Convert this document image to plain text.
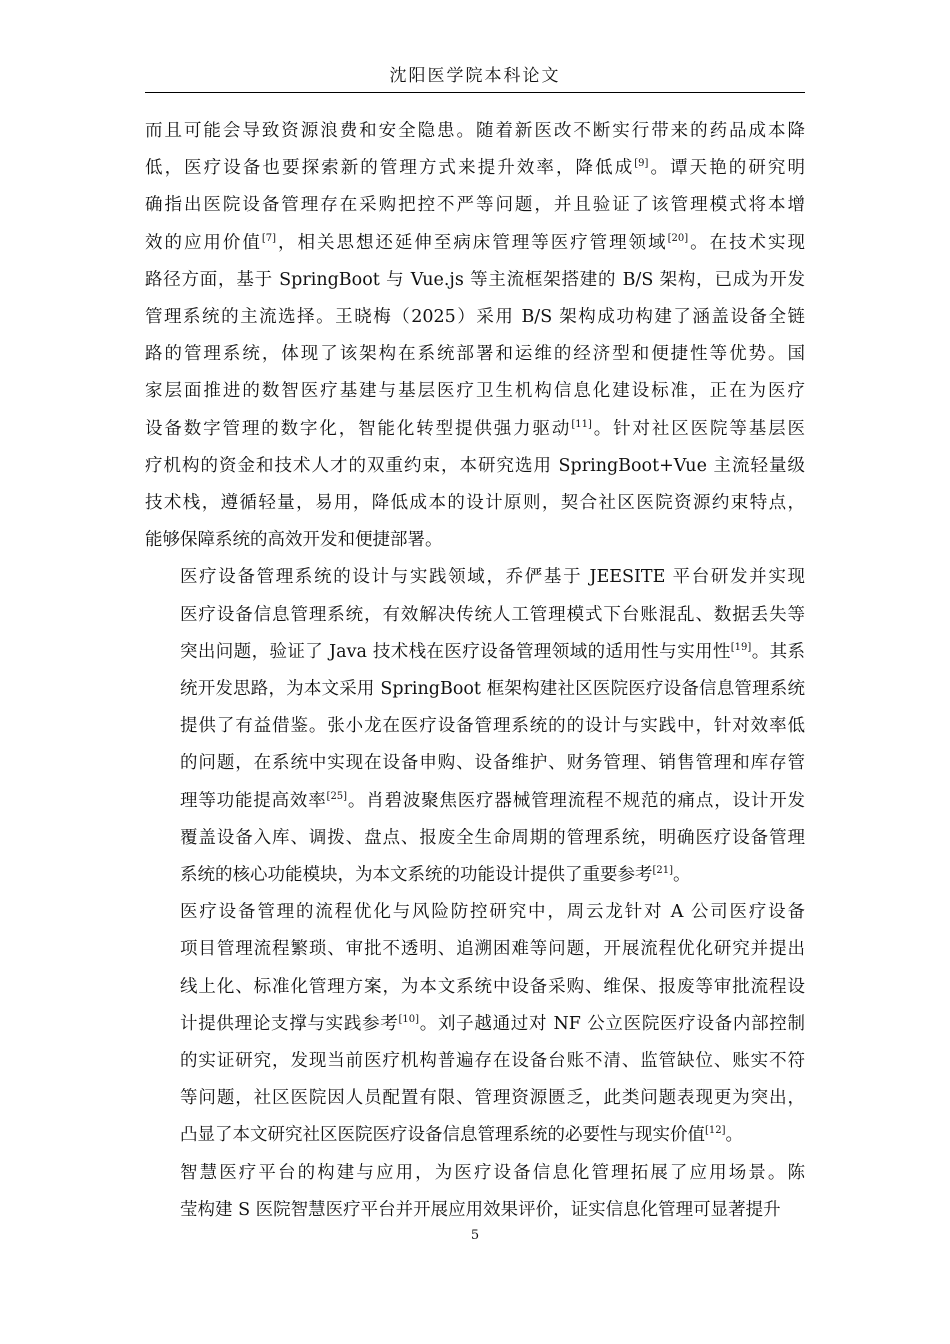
沈阳医学院本科论文

而且可能会导致资源浪费和安全隐患。随着新医改不断实行带来的药品成本降
低，医疗设备也要探索新的管理方式来提升效率，降低成[9]。谭天艳的研究明
确指出医院设备管理存在采购把控不严等问题，并且验证了该管理模式将本增
效的应用价值[7]，相关思想还延伸至病床管理等医疗管理领域[20]。在技术实现
路径方面，基于 SpringBoot 与 Vue.js 等主流框架搭建的 B/S 架构，已成为开发
管理系统的主流选择。王晓梅（2025）采用 B/S 架构成功构建了涵盖设备全链
路的管理系统，体现了该架构在系统部署和运维的经济型和便捷性等优势。国
家层面推进的数智医疗基建与基层医疗卫生机构信息化建设标准，正在为医疗
设备数字管理的数字化，智能化转型提供强力驱动[11]。针对社区医院等基层医
疗机构的资金和技术人才的双重约束，本研究选用 SpringBoot+Vue 主流轻量级
技术栈，遵循轻量，易用，降低成本的设计原则，契合社区医院资源约束特点，
能够保障系统的高效开发和便捷部署。

医疗设备管理系统的设计与实践领域，乔俨基于 JEESITE 平台研发并实现
医疗设备信息管理系统，有效解决传统人工管理模式下台账混乱、数据丢失等
突出问题，验证了 Java 技术栈在医疗设备管理领域的适用性与实用性[19]。其系
统开发思路，为本文采用 SpringBoot 框架构建社区医院医疗设备信息管理系统
提供了有益借鉴。张小龙在医疗设备管理系统的的设计与实践中，针对效率低
的问题，在系统中实现在设备申购、设备维护、财务管理、销售管理和库存管
理等功能提高效率[25]。肖碧波聚焦医疗器械管理流程不规范的痛点，设计开发
覆盖设备入库、调拨、盘点、报废全生命周期的管理系统，明确医疗设备管理
系统的核心功能模块，为本文系统的功能设计提供了重要参考[21]。

医疗设备管理的流程优化与风险防控研究中，周云龙针对 A 公司医疗设备
项目管理流程繁琐、审批不透明、追溯困难等问题，开展流程优化研究并提出
线上化、标准化管理方案，为本文系统中设备采购、维保、报废等审批流程设
计提供理论支撑与实践参考[10]。刘子越通过对 NF 公立医院医疗设备内部控制
的实证研究，发现当前医疗机构普遍存在设备台账不清、监管缺位、账实不符
等问题，社区医院因人员配置有限、管理资源匮乏，此类问题表现更为突出，
凸显了本文研究社区医院医疗设备信息管理系统的必要性与现实价值[12]。

智慧医疗平台的构建与应用，为医疗设备信息化管理拓展了应用场景。陈
莹构建 S 医院智慧医疗平台并开展应用效果评价，证实信息化管理可显著提升

5
